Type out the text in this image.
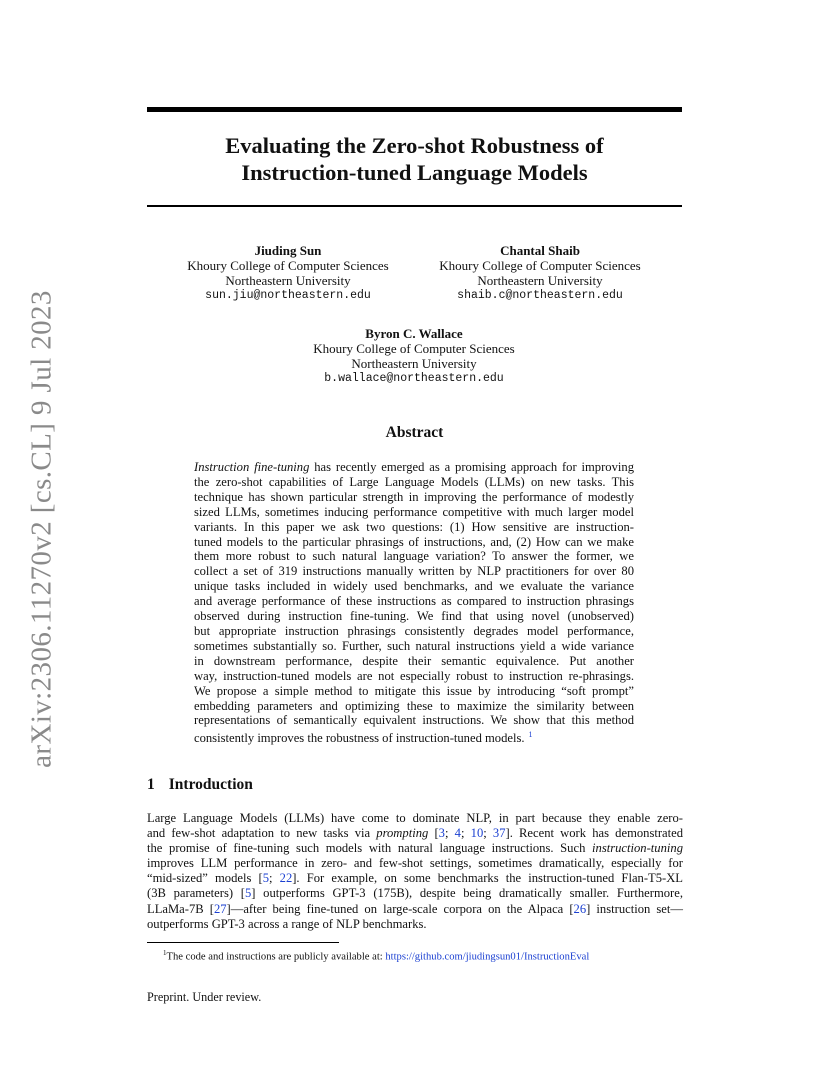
arXiv:2306.11270v2 [cs.CL] 9 Jul 2023
Evaluating the Zero-shot Robustness of
Instruction-tuned Language Models
Jiuding Sun
Khoury College of Computer Sciences
Northeastern University
sun.jiu@northeastern.edu
Chantal Shaib
Khoury College of Computer Sciences
Northeastern University
shaib.c@northeastern.edu
Byron C. Wallace
Khoury College of Computer Sciences
Northeastern University
b.wallace@northeastern.edu
Abstract
Instruction fine-tuning has recently emerged as a promising approach for improving
the zero-shot capabilities of Large Language Models (LLMs) on new tasks. This
technique has shown particular strength in improving the performance of modestly
sized LLMs, sometimes inducing performance competitive with much larger model
variants. In this paper we ask two questions: (1) How sensitive are instruction-
tuned models to the particular phrasings of instructions, and, (2) How can we make
them more robust to such natural language variation? To answer the former, we
collect a set of 319 instructions manually written by NLP practitioners for over 80
unique tasks included in widely used benchmarks, and we evaluate the variance
and average performance of these instructions as compared to instruction phrasings
observed during instruction fine-tuning. We find that using novel (unobserved)
but appropriate instruction phrasings consistently degrades model performance,
sometimes substantially so. Further, such natural instructions yield a wide variance
in downstream performance, despite their semantic equivalence. Put another
way, instruction-tuned models are not especially robust to instruction re-phrasings.
We propose a simple method to mitigate this issue by introducing “soft prompt”
embedding parameters and optimizing these to maximize the similarity between
representations of semantically equivalent instructions. We show that this method
consistently improves the robustness of instruction-tuned models. $^1$
1 Introduction
Large Language Models (LLMs) have come to dominate NLP, in part because they enable zero-
and few-shot adaptation to new tasks via prompting [3; 4; 10; 37]. Recent work has demonstrated
the promise of fine-tuning such models with natural language instructions. Such instruction-tuning
improves LLM performance in zero- and few-shot settings, sometimes dramatically, especially for
“mid-sized” models [5; 22]. For example, on some benchmarks the instruction-tuned Flan-T5-XL
(3B parameters) [5] outperforms GPT-3 (175B), despite being dramatically smaller. Furthermore,
LLaMa-7B [27]—after being fine-tuned on large-scale corpora on the Alpaca [26] instruction set—
outperforms GPT-3 across a range of NLP benchmarks.
$^1$The code and instructions are publicly available at: https://github.com/jiudingsun01/InstructionEval
Preprint. Under review.
